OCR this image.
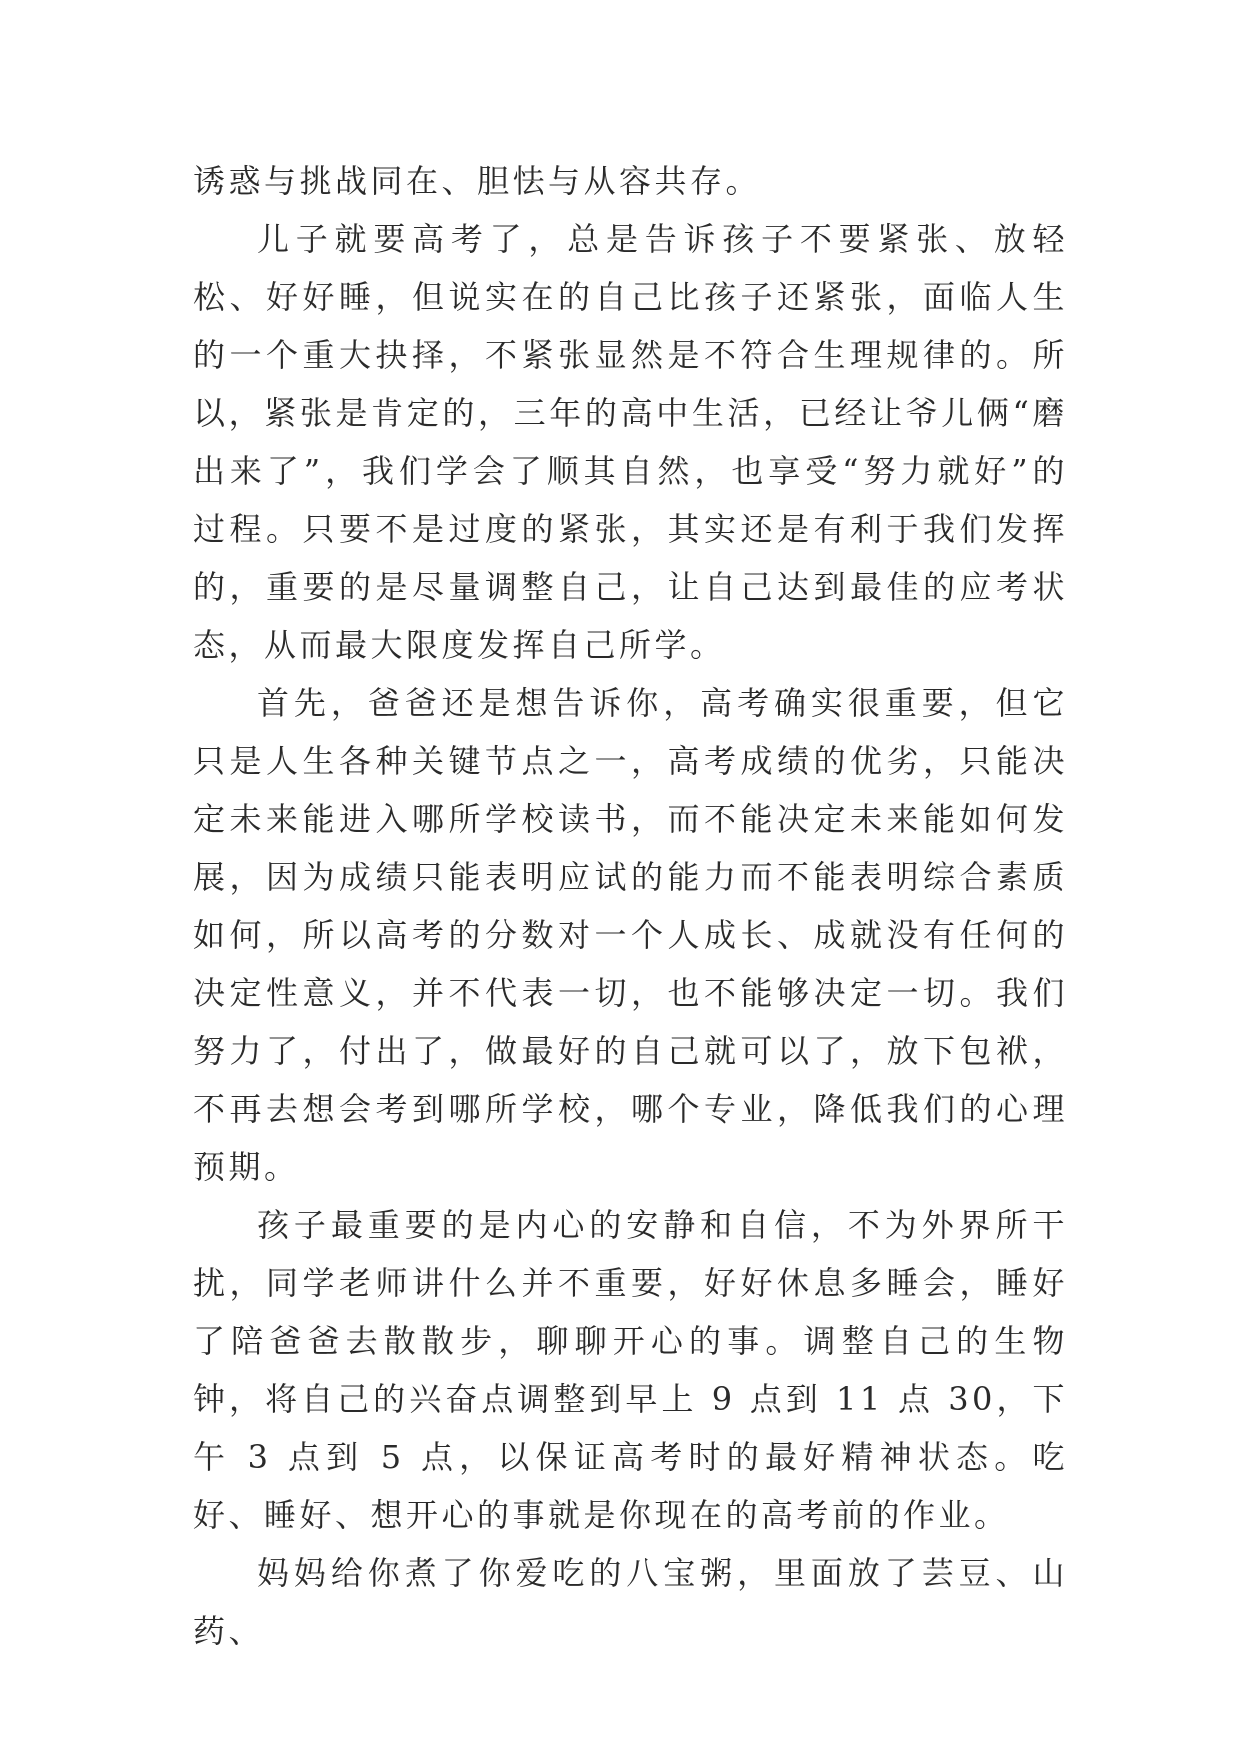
诱惑与挑战同在、胆怯与从容共存。

儿子就要高考了，总是告诉孩子不要紧张、放轻松、好好睡，但说实在的自己比孩子还紧张，面临人生的一个重大抉择，不紧张显然是不符合生理规律的。所以，紧张是肯定的，三年的高中生活，已经让爷儿俩“磨出来了”，我们学会了顺其自然，也享受“努力就好”的过程。只要不是过度的紧张，其实还是有利于我们发挥的，重要的是尽量调整自己，让自己达到最佳的应考状态，从而最大限度发挥自己所学。

首先，爸爸还是想告诉你，高考确实很重要，但它只是人生各种关键节点之一，高考成绩的优劣，只能决定未来能进入哪所学校读书，而不能决定未来能如何发展，因为成绩只能表明应试的能力而不能表明综合素质如何，所以高考的分数对一个人成长、成就没有任何的决定性意义，并不代表一切，也不能够决定一切。我们努力了，付出了，做最好的自己就可以了，放下包袱，不再去想会考到哪所学校，哪个专业，降低我们的心理预期。

孩子最重要的是内心的安静和自信，不为外界所干扰，同学老师讲什么并不重要，好好休息多睡会，睡好了陪爸爸去散散步，聊聊开心的事。调整自己的生物钟，将自己的兴奋点调整到早上 9 点到 11 点 30，下午 3 点到 5 点，以保证高考时的最好精神状态。吃好、睡好、想开心的事就是你现在的高考前的作业。

妈妈给你煮了你爱吃的八宝粥，里面放了芸豆、山药、
